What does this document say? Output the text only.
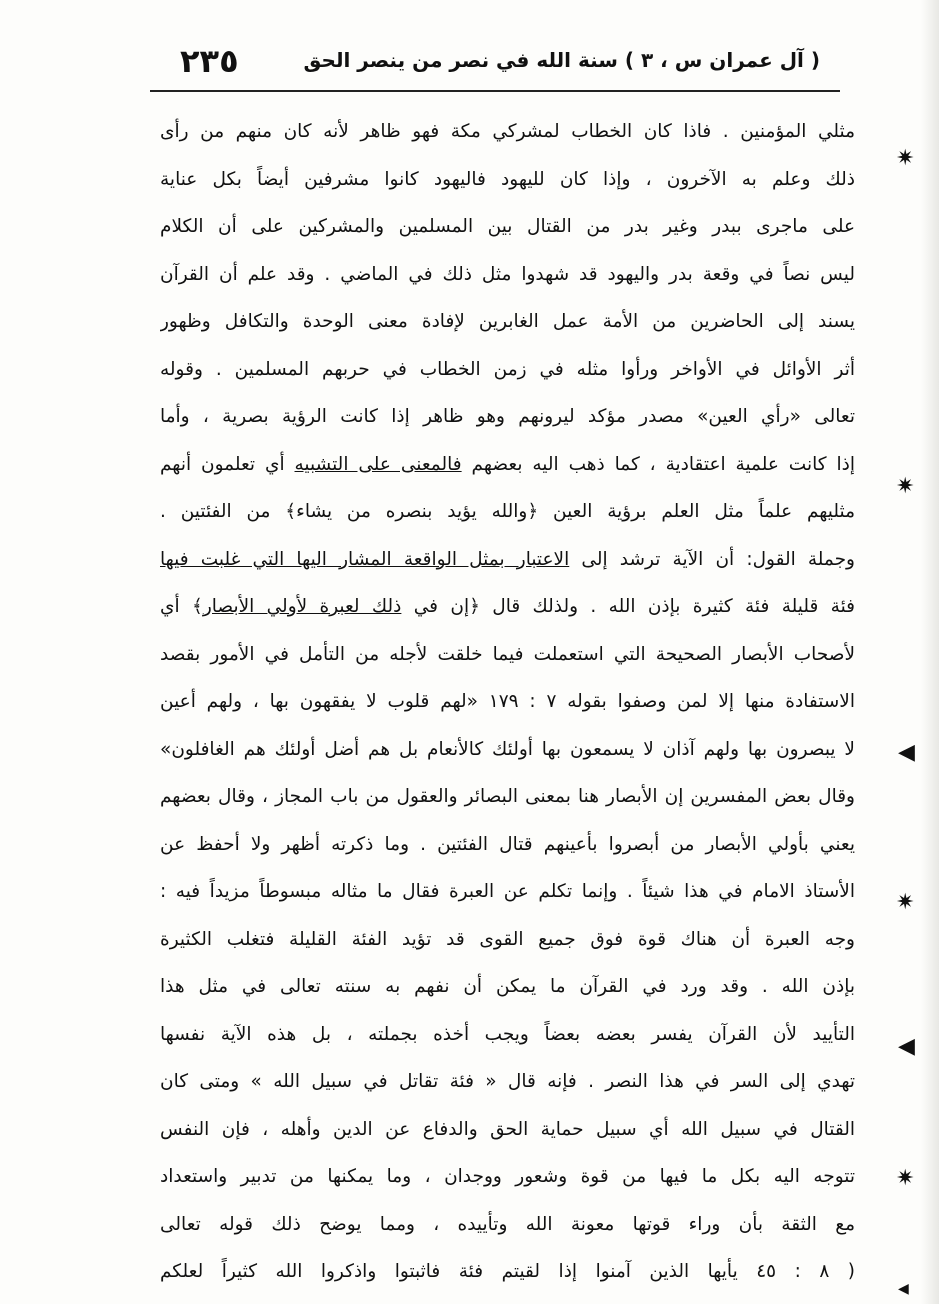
( آل عمران س ، ٣ ) سنة الله في نصر من ينصر الحق
٢٣٥
مثلي المؤمنين . فاذا كان الخطاب لمشركي مكة فهو ظاهر لأنه كان منهم من رأى
ذلك وعلم به الآخرون ، وإذا كان لليهود فاليهود كانوا مشرفين أيضاً بكل عناية
على ماجرى ببدر وغير بدر من القتال بين المسلمين والمشركين على أن الكلام
ليس نصاً في وقعة بدر واليهود قد شهدوا مثل ذلك في الماضي . وقد علم أن القرآن
يسند إلى الحاضرين من الأمة عمل الغابرين لإفادة معنى الوحدة والتكافل وظهور
أثر الأوائل في الأواخر ورأوا مثله في زمن الخطاب في حربهم المسلمين . وقوله
تعالى «رأي العين» مصدر مؤكد ليرونهم وهو ظاهر إذا كانت الرؤية بصرية ، وأما
إذا كانت علمية اعتقادية ، كما ذهب اليه بعضهم فالمعنى على التشبيه أي تعلمون أنهم
مثليهم علماً مثل العلم برؤية العين ﴿والله يؤيد بنصره من يشاء﴾ من الفئتين .
وجملة القول: أن الآية ترشد إلى الاعتبار بمثل الواقعة المشار اليها التي غلبت فيها
فئة قليلة فئة كثيرة بإذن الله . ولذلك قال ﴿إن في ذلك لعبرة لأولي الأبصار﴾ أي
لأصحاب الأبصار الصحيحة التي استعملت فيما خلقت لأجله من التأمل في الأمور بقصد
الاستفادة منها إلا لمن وصفوا بقوله ٧ : ١٧٩ «لهم قلوب لا يفقهون بها ، ولهم أعين
لا يبصرون بها ولهم آذان لا يسمعون بها أولئك كالأنعام بل هم أضل أولئك هم الغافلون»
وقال بعض المفسرين إن الأبصار هنا بمعنى البصائر والعقول من باب المجاز ، وقال بعضهم
يعني بأولي الأبصار من أبصروا بأعينهم قتال الفئتين . وما ذكرته أظهر ولا أحفظ عن
الأستاذ الامام في هذا شيئاً . وإنما تكلم عن العبرة فقال ما مثاله مبسوطاً مزيداً فيه :
وجه العبرة أن هناك قوة فوق جميع القوى قد تؤيد الفئة القليلة فتغلب الكثيرة
بإذن الله . وقد ورد في القرآن ما يمكن أن نفهم به سنته تعالى في مثل هذا
التأييد لأن القرآن يفسر بعضه بعضاً ويجب أخذه بجملته ، بل هذه الآية نفسها
تهدي إلى السر في هذا النصر . فإنه قال « فئة تقاتل في سبيل الله » ومتى كان
القتال في سبيل الله أي سبيل حماية الحق والدفاع عن الدين وأهله ، فإن النفس
تتوجه اليه بكل ما فيها من قوة وشعور ووجدان ، وما يمكنها من تدبير واستعداد
مع الثقة بأن وراء قوتها معونة الله وتأييده ، ومما يوضح ذلك قوله تعالى
( ٨ : ٤٥ يأيها الذين آمنوا إذا لقيتم فئة فاثبتوا واذكروا الله كثيراً لعلكم
✷
✷
◀
✷
◀
✷
◀
